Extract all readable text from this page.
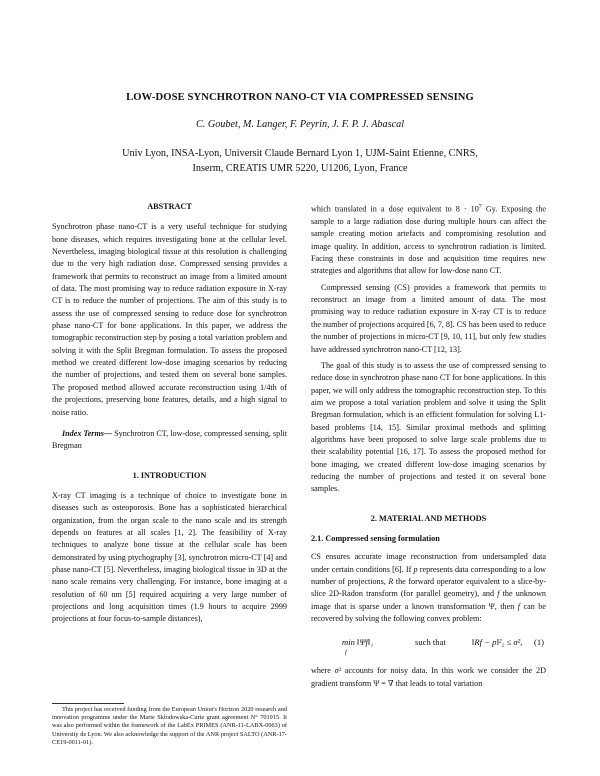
LOW-DOSE SYNCHROTRON NANO-CT VIA COMPRESSED SENSING
C. Goubet, M. Langer, F. Peyrin, J. F. P. J. Abascal
Univ Lyon, INSA-Lyon, Universit Claude Bernard Lyon 1, UJM-Saint Etienne, CNRS,
Inserm, CREATIS UMR 5220, U1206, Lyon, France
ABSTRACT

Synchrotron phase nano-CT is a very useful technique for studying bone diseases, which requires investigating bone at the cellular level. Nevertheless, imaging biological tissue at this resolution is challenging due to the very high radiation dose. Compressed sensing provides a framework that permits to reconstruct an image from a limited amount of data. The most promising way to reduce radiation exposure in X-ray CT is to reduce the number of projections. The aim of this study is to assess the use of compressed sensing to reduce dose for synchrotron phase nano-CT for bone applications. In this paper, we address the tomographic reconstruction step by posing a total variation problem and solving it with the Split Bregman formulation. To assess the proposed method we created different low-dose imaging scenarios by reducing the number of projections, and tested them on several bone samples. The proposed method allowed accurate reconstruction using 1/4th of the projections, preserving bone features, details, and a high signal to noise ratio.

Index Terms— Synchrotron CT, low-dose, compressed sensing, split Bregman

1. INTRODUCTION

X-ray CT imaging is a technique of choice to investigate bone in diseases such as osteoporosis. Bone has a sophisticated hierarchical organization, from the organ scale to the nano scale and its strength depends on features at all scales [1, 2]. The feasibility of X-ray techniques to analyze bone tissue at the cellular scale has been demonstrated by using ptychography [3], synchrotron micro-CT [4] and phase nano-CT [5]. Nevertheless, imaging biological tissue in 3D at the nano scale remains very challenging. For instance, bone imaging at a resolution of 60 nm [5] required acquiring a very large number of projections and long acquisition times (1.9 hours to acquire 2999 projections at four focus-to-sample distances),

which translated in a dose equivalent to $8 \cdot 10^7$ Gy. Exposing the sample to a large radiation dose during multiple hours can affect the sample creating motion artefacts and compromising resolution and image quality. In addition, access to synchrotron radiation is limited. Facing these constraints in dose and acquisition time requires new strategies and algorithms that allow for low-dose nano CT.

Compressed sensing (CS) provides a framework that permits to reconstruct an image from a limited amount of data. The most promising way to reduce radiation exposure in X-ray CT is to reduce the number of projections acquired [6, 7, 8]. CS has been used to reduce the number of projections in micro-CT [9, 10, 11], but only few studies have addressed synchrotron nano-CT [12, 13].

The goal of this study is to assess the use of compressed sensing to reduce dose in synchrotron phase nano CT for bone applications. In this paper, we will only address the tomographic reconstruction step. To this aim we propose a total variation problem and solve it using the Split Bregman formulation, which is an efficient formulation for solving L1-based problems [14, 15]. Similar proximal methods and splitting algorithms have been proposed to solve large scale problems due to their scalability potential [16, 17]. To assess the proposed method for bone imaging, we created different low-dose imaging scenarios by reducing the number of projections and tested it on several bone samples.

2. MATERIAL AND METHODS
2.1. Compressed sensing formulation

CS ensures accurate image reconstruction from undersampled data under certain conditions [6]. If p represents data corresponding to a low number of projections, R the forward operator equivalent to a slice-by-slice 2D-Radon transform (for parallel geometry), and f the unknown image that is sparse under a known transformation Ψ, then f can be recovered by solving the following convex problem:

min ‖Ψf‖₁
f
such that	‖Rf − p‖²₂ ≤ σ², (1)

where σ² accounts for noisy data. In this work we consider the 2D gradient transform Ψ = ∇ that leads to total variation

This project has received funding from the European Union's Horizon 2020 research and innovation programme under the Marie Skłodowska-Curie grant agreement N° 701915. It was also performed within the framework of the LabEx PRIMES (ANR-11-LABX-0063) of University de Lyon. We also acknowledge the support of the ANR project SALTO (ANR-17-CE19-0011-01).
